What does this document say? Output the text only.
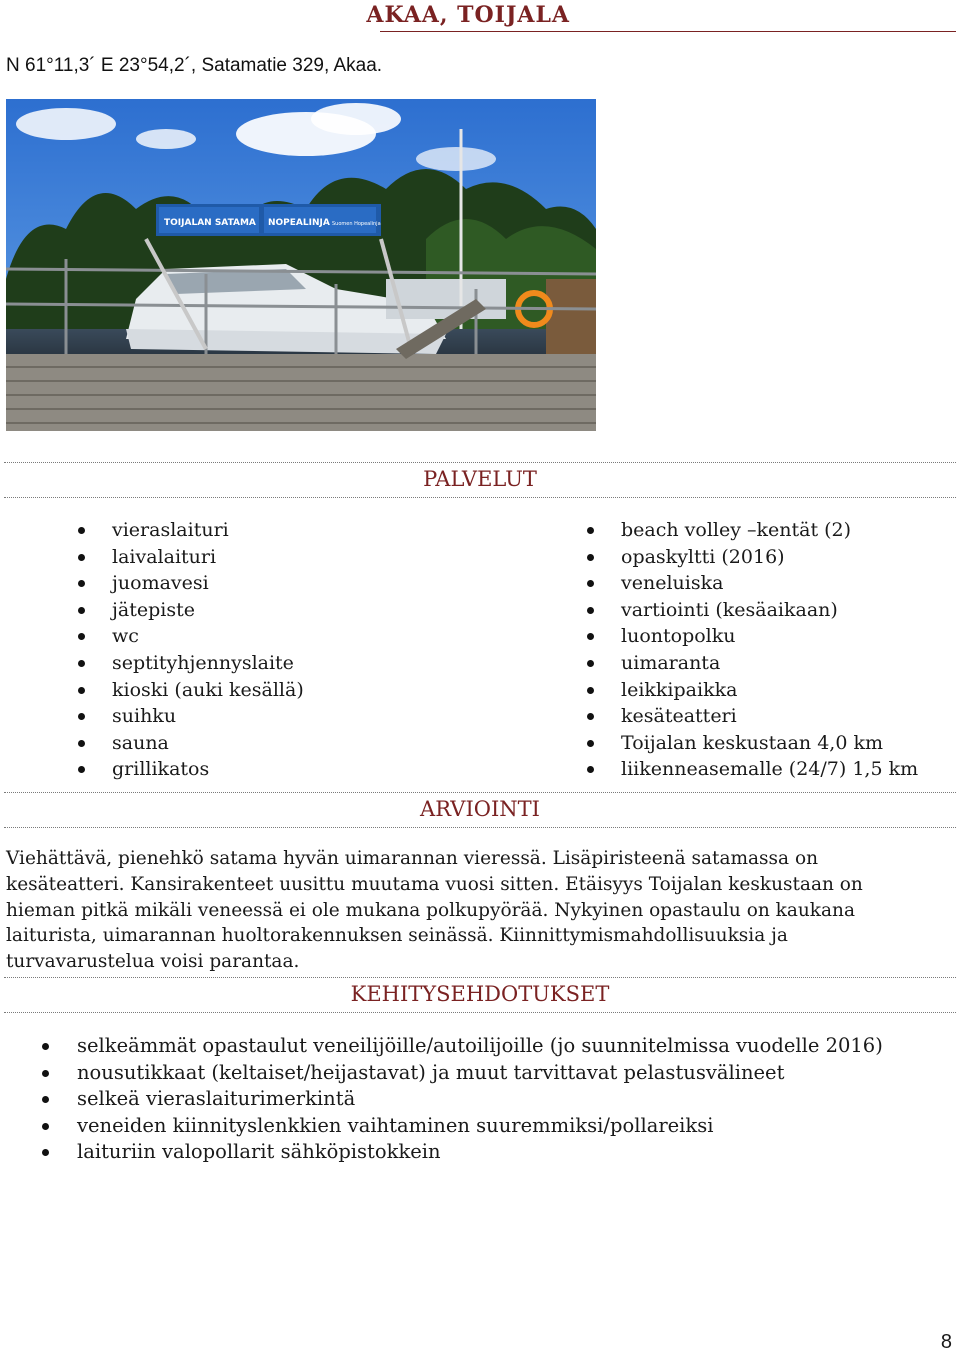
AKAA, TOIJALA
N 61°11,3´ E 23°54,2´, Satamatie 329, Akaa.
TOIJALAN SATAMA NOPEALINJA Suomen Hopealinja
PALVELUT
vieraslaituri
laivalaituri
juomavesi
jätepiste
wc
septityhjennyslaite
kioski (auki kesällä)
suihku
sauna
grillikatos
beach volley –kentät (2)
opaskyltti (2016)
veneluiska
vartiointi (kesäaikaan)
luontopolku
uimaranta
leikkipaikka
kesäteatteri
Toijalan keskustaan 4,0 km
liikenneasemalle (24/7) 1,5 km
ARVIOINTI
Viehättävä, pienehkö satama hyvän uimarannan vieressä. Lisäpiristeenä satamassa on kesäteatteri. Kansirakenteet uusittu muutama vuosi sitten. Etäisyys Toijalan keskustaan on hieman pitkä mikäli veneessä ei ole mukana polkupyörää. Nykyinen opastaulu on kaukana laiturista, uimarannan huoltorakennuksen seinässä. Kiinnittymismahdollisuuksia ja turvavarustelua voisi parantaa.
KEHITYSEHDOTUKSET
selkeämmät opastaulut veneilijöille/autoilijoille (jo suunnitelmissa vuodelle 2016)
nousutikkaat (keltaiset/heijastavat) ja muut tarvittavat pelastusvälineet
selkeä vieraslaiturimerkintä
veneiden kiinnityslenkkien vaihtaminen suuremmiksi/pollareiksi
laituriin valopollarit sähköpistokkein
8
